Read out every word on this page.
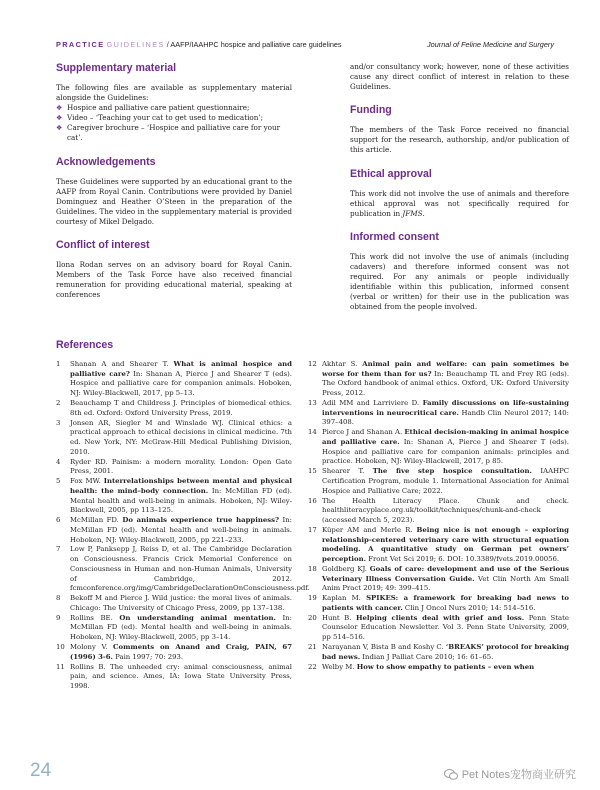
PRACTICE GUIDELINES / AAFP/IAAHPC hospice and palliative care guidelines	Journal of Feline Medicine and Surgery
Supplementary material

The following files are available as supplementary material alongside the Guidelines:

❖ Hospice and palliative care patient questionnaire;
❖ Video – ‘Teaching your cat to get used to medication’;
❖ Caregiver brochure – ‘Hospice and palliative care for your cat’.
Acknowledgements

These Guidelines were supported by an educational grant to the AAFP from Royal Canin. Contributions were provided by Daniel Dominguez and Heather O’Steen in the preparation of the Guidelines. The video in the supplementary material is provided courtesy of Mikel Delgado.

Conflict of interest

Ilona Rodan serves on an advisory board for Royal Canin. Members of the Task Force have also received financial remuneration for providing educational material, speaking at conferences

and/or consultancy work; however, none of these activities cause any direct conflict of interest in relation to these Guidelines.

Funding

The members of the Task Force received no financial support for the research, authorship, and/or publication of this article.

Ethical approval

This work did not involve the use of animals and therefore ethical approval was not specifically required for publication in JFMS.

Informed consent

This work did not involve the use of animals (including cadavers) and therefore informed consent was not required. For any animals or people individually identifiable within this publication, informed consent (verbal or written) for their use in the publication was obtained from the people involved.

References
1 Shanan A and Shearer T. What is animal hospice and palliative care? In: Shanan A, Pierce J and Shearer T (eds). Hospice and palliative care for companion animals. Hoboken, NJ: Wiley-Blackwell, 2017, pp 5–13.
2 Beauchamp T and Childress J. Principles of biomedical ethics. 8th ed. Oxford: Oxford University Press, 2019.
3 Jonsen AR, Siegler M and Winslade WJ. Clinical ethics: a practical approach to ethical decisions in clinical medicine. 7th ed. New York, NY: McGraw-Hill Medical Publishing Division, 2010.
4 Ryder RD. Painism: a modern morality. London: Open Gate Press, 2001.
5 Fox MW. Interrelationships between mental and physical health: the mind–body connection. In: McMillan FD (ed). Mental health and well-being in animals. Hoboken, NJ: Wiley-Blackwell, 2005, pp 113–125.
6 McMillan FD. Do animals experience true happiness? In: McMillan FD (ed). Mental health and well-being in animals. Hoboken, NJ: Wiley-Blackwell, 2005, pp 221–233.
7 Low P, Panksepp J, Reiss D, et al. The Cambridge Declaration on Consciousness. Francis Crick Memorial Conference on Consciousness in Human and non-Human Animals, University of Cambridge, 2012. fcmconference.org/img/CambridgeDeclarationOnConsciousness.pdf.
8 Bekoff M and Pierce J. Wild justice: the moral lives of animals. Chicago: The University of Chicago Press, 2009, pp 137–138.
9 Rollins BE. On understanding animal mentation. In: McMillan FD (ed). Mental health and well-being in animals. Hoboken, NJ: Wiley-Blackwell, 2005, pp 3–14.
10 Molony V. Comments on Anand and Craig, PAIN, 67 (1996) 3-6. Pain 1997; 70: 293.
11 Rollins B. The unheeded cry: animal consciousness, animal pain, and science. Ames, IA: Iowa State University Press, 1998.
12 Akhtar S. Animal pain and welfare: can pain sometimes be worse for them than for us? In: Beauchamp TL and Frey RG (eds). The Oxford handbook of animal ethics. Oxford, UK: Oxford University Press, 2012.
13 Adil MM and Larriviere D. Family discussions on life-sustaining interventions in neurocritical care. Handb Clin Neurol 2017; 140: 397–408.
14 Pierce J and Shanan A. Ethical decision-making in animal hospice and palliative care. In: Shanan A, Pierce J and Shearer T (eds). Hospice and palliative care for companion animals: principles and practice. Hoboken, NJ: Wiley-Blackwell, 2017, p 85.
15 Shearer T. The five step hospice consultation. IAAHPC Certification Program, module 1. International Association for Animal Hospice and Palliative Care; 2022.
16 The Health Literacy Place. Chunk and check. healthliteracyplace.org.uk/toolkit/techniques/chunk-and-check (accessed March 5, 2023).
17 Küper AM and Merle R. Being nice is not enough – exploring relationship-centered veterinary care with structural equation modeling. A quantitative study on German pet owners’ perception. Front Vet Sci 2019; 6. DOI: 10.3389/fvets.2019.00056.
18 Goldberg KJ. Goals of care: development and use of the Serious Veterinary Illness Conversation Guide. Vet Clin North Am Small Anim Pract 2019; 49: 399–415.
19 Kaplan M. SPIKES: a framework for breaking bad news to patients with cancer. Clin J Oncol Nurs 2010; 14: 514–516.
20 Hunt B. Helping clients deal with grief and loss. Penn State Counselor Education Newsletter. Vol 3. Penn State University, 2009, pp 514–516.
21 Narayanan V, Bista B and Koshy C. ‘BREAKS’ protocol for breaking bad news. Indian J Palliat Care 2010; 16: 61–65.
22 Welby M. How to show empathy to patients – even when
24	Pet Notes宠物商业研究
